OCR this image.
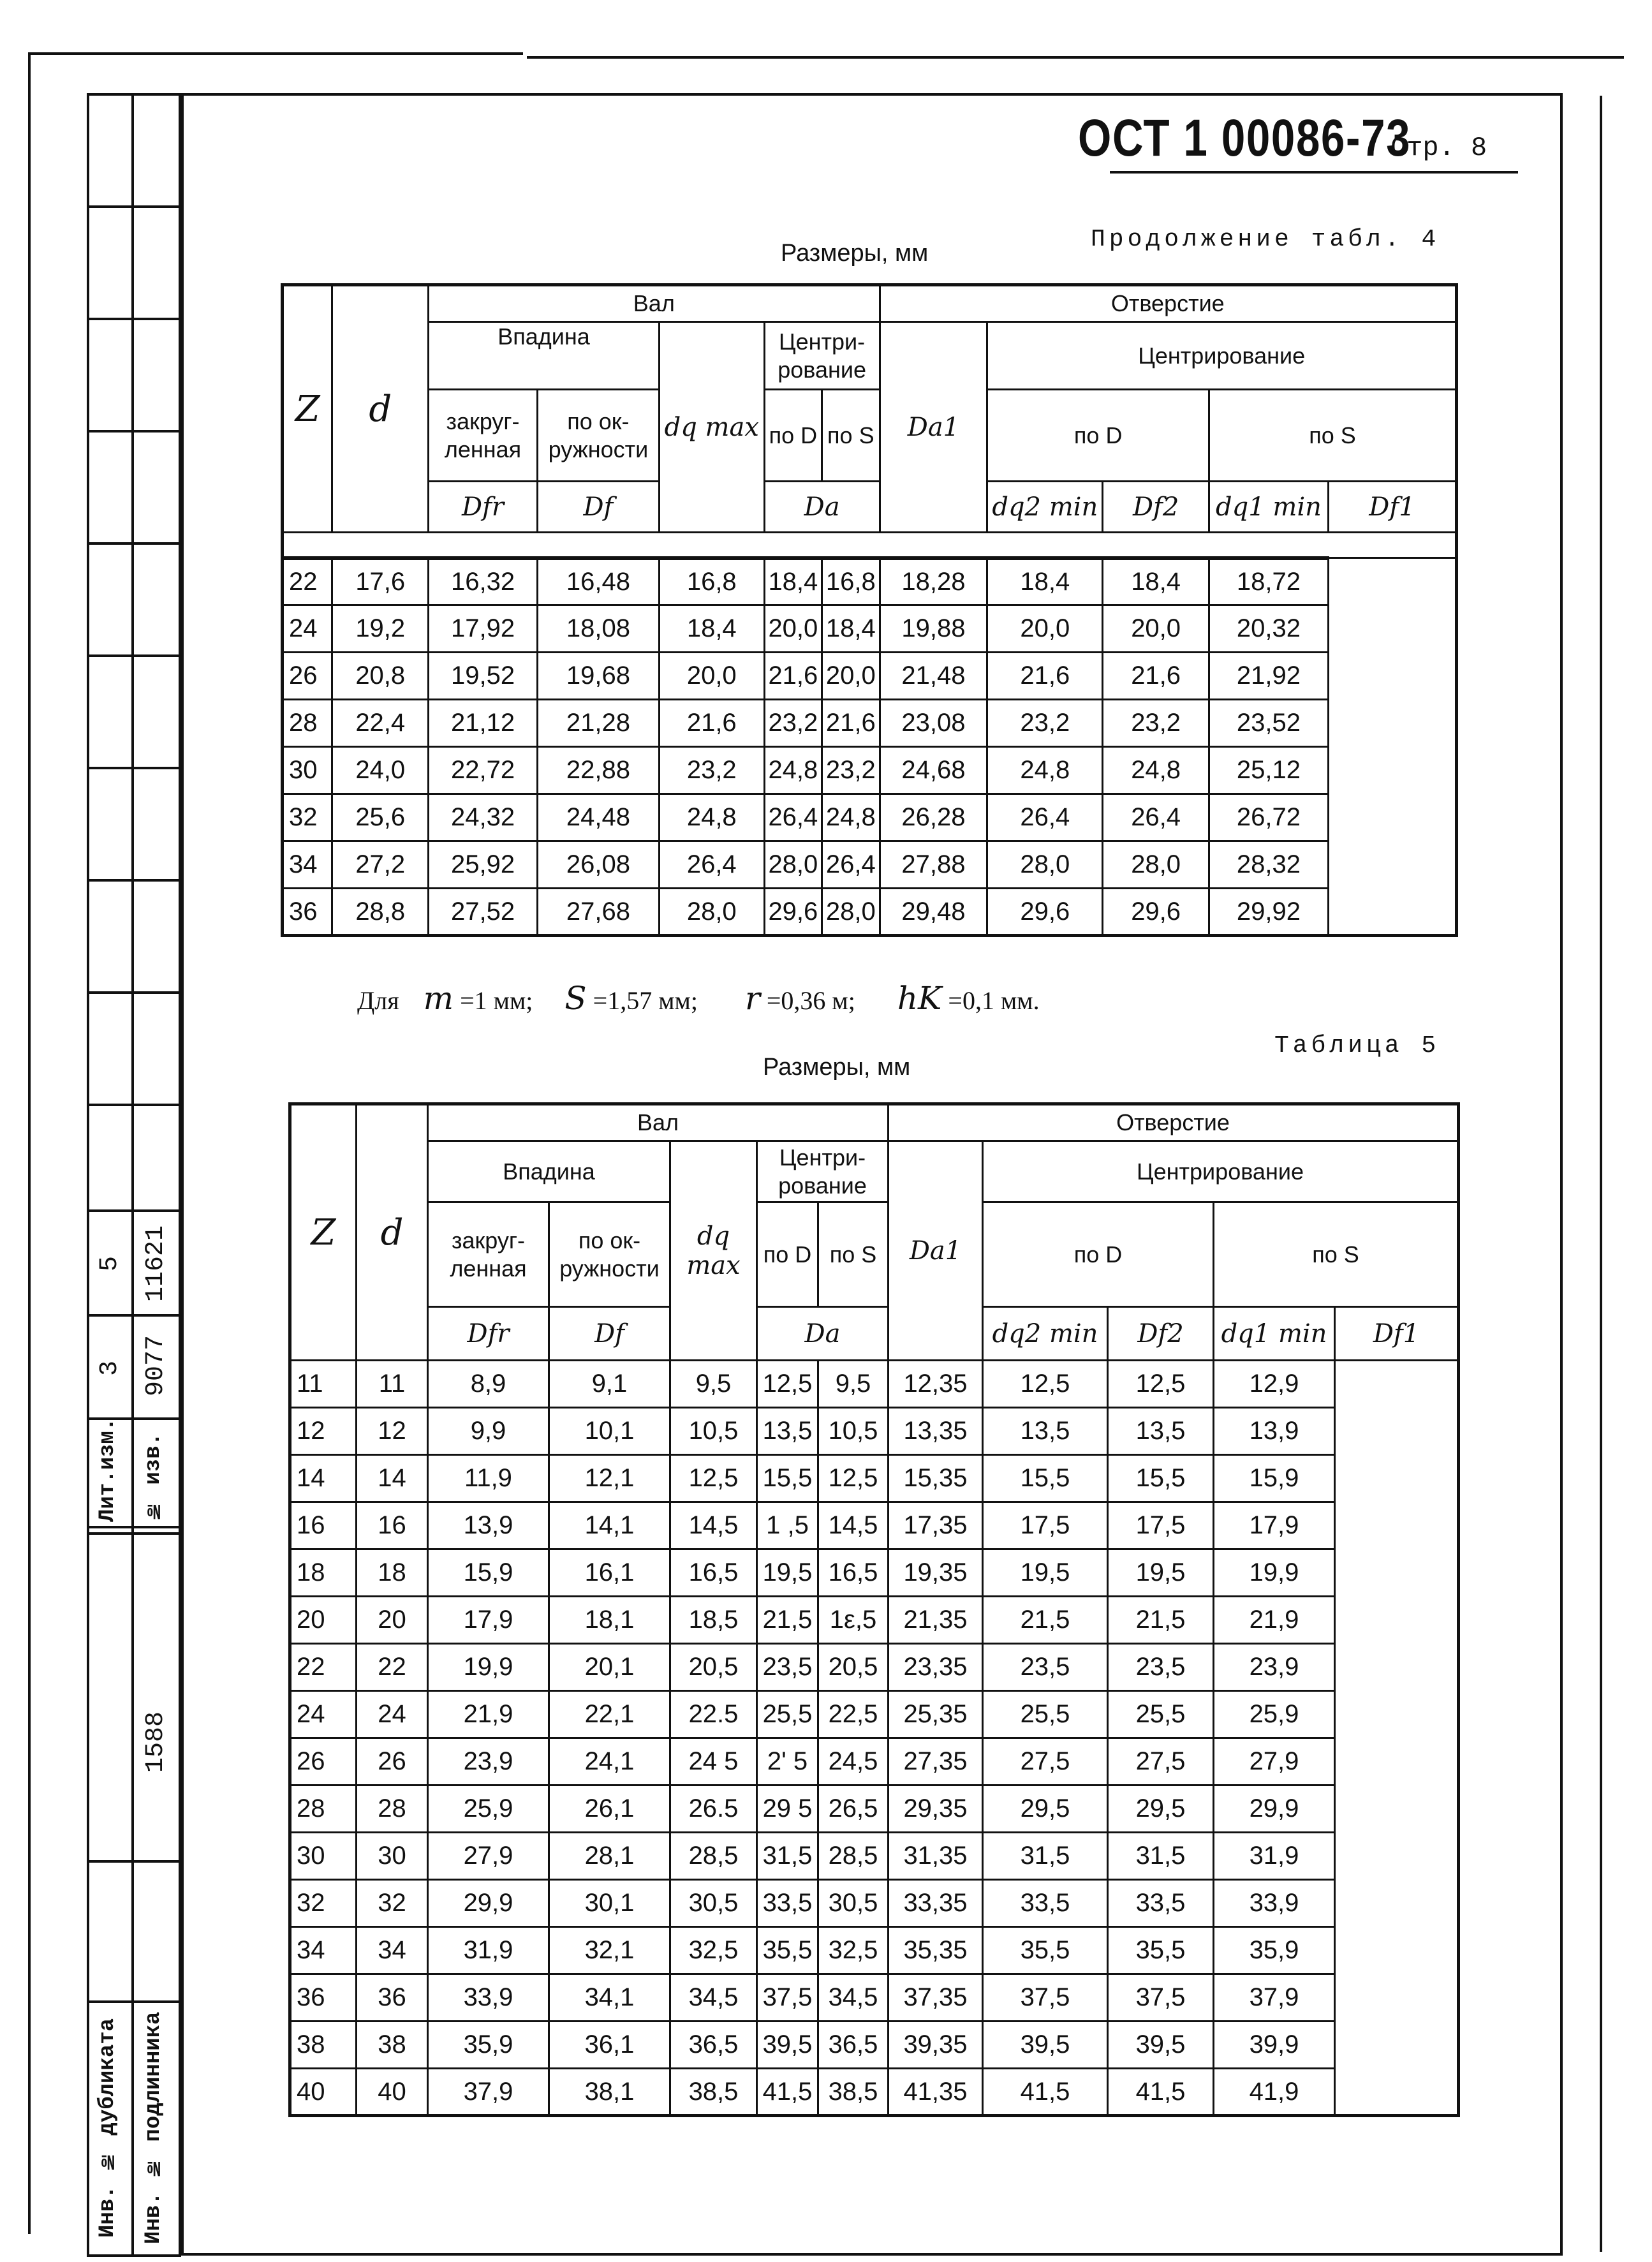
5
3
Лит.изм.
11621
9077
№ изв.
1588
Инв. № дубликата Инв. № подлинника
ОСТ 1 00086-73
Стр. 8
Размеры, мм	Продолжение табл. 4
Z	d	Вал					Отверстие				
		Впадина		dq max	Центри-рование		Da1	Центрирование			
		закруг-ленная	по ок-ружности		по D	по S		по D		по S	
		Dfr	Df		Da			dq2 min	Df2	dq1 min	Df1

22	17,6	16,32	16,48	16,8	18,4	16,8	18,28	18,4	18,4	18,72	
24	19,2	17,92	18,08	18,4	20,0	18,4	19,88	20,0	20,0	20,32	
26	20,8	19,52	19,68	20,0	21,6	20,0	21,48	21,6	21,6	21,92	
28	22,4	21,12	21,28	21,6	23,2	21,6	23,08	23,2	23,2	23,52	
30	24,0	22,72	22,88	23,2	24,8	23,2	24,68	24,8	24,8	25,12	
32	25,6	24,32	24,48	24,8	26,4	24,8	26,28	26,4	26,4	26,72	
34	27,2	25,92	26,08	26,4	28,0	26,4	27,88	28,0	28,0	28,32	
36	28,8	27,52	27,68	28,0	29,6	28,0	29,48	29,6	29,6	29,92	
Для m =1 мм; S =1,57 мм; r =0,36 м; hK =0,1 мм.
Таблица 5
Размеры, мм
Z	d	Вал					Отверстие				
		Впадина		dq max	Центри-рование		Da1	Центрирование			
		закруг-ленная	по ок-ружности		по D	по S		по D		по S	
		Dfr	Df		Da			dq2 min	Df2	dq1 min	Df1
11	11	8,9	9,1	9,5	12,5	9,5	12,35	12,5	12,5	12,9	
12	12	9,9	10,1	10,5	13,5	10,5	13,35	13,5	13,5	13,9	
14	14	11,9	12,1	12,5	15,5	12,5	15,35	15,5	15,5	15,9	
16	16	13,9	14,1	14,5	1 ,5	14,5	17,35	17,5	17,5	17,9	
18	18	15,9	16,1	16,5	19,5	16,5	19,35	19,5	19,5	19,9	
20	20	17,9	18,1	18,5	21,5	1ε,5	21,35	21,5	21,5	21,9	
22	22	19,9	20,1	20,5	23,5	20,5	23,35	23,5	23,5	23,9	
24	24	21,9	22,1	22.5	25,5	22,5	25,35	25,5	25,5	25,9	
26	26	23,9	24,1	24 5	2' 5	24,5	27,35	27,5	27,5	27,9	
28	28	25,9	26,1	26.5	29 5	26,5	29,35	29,5	29,5	29,9	
30	30	27,9	28,1	28,5	31,5	28,5	31,35	31,5	31,5	31,9	
32	32	29,9	30,1	30,5	33,5	30,5	33,35	33,5	33,5	33,9	
34	34	31,9	32,1	32,5	35,5	32,5	35,35	35,5	35,5	35,9	
36	36	33,9	34,1	34,5	37,5	34,5	37,35	37,5	37,5	37,9	
38	38	35,9	36,1	36,5	39,5	36,5	39,35	39,5	39,5	39,9	
40	40	37,9	38,1	38,5	41,5	38,5	41,35	41,5	41,5	41,9	
